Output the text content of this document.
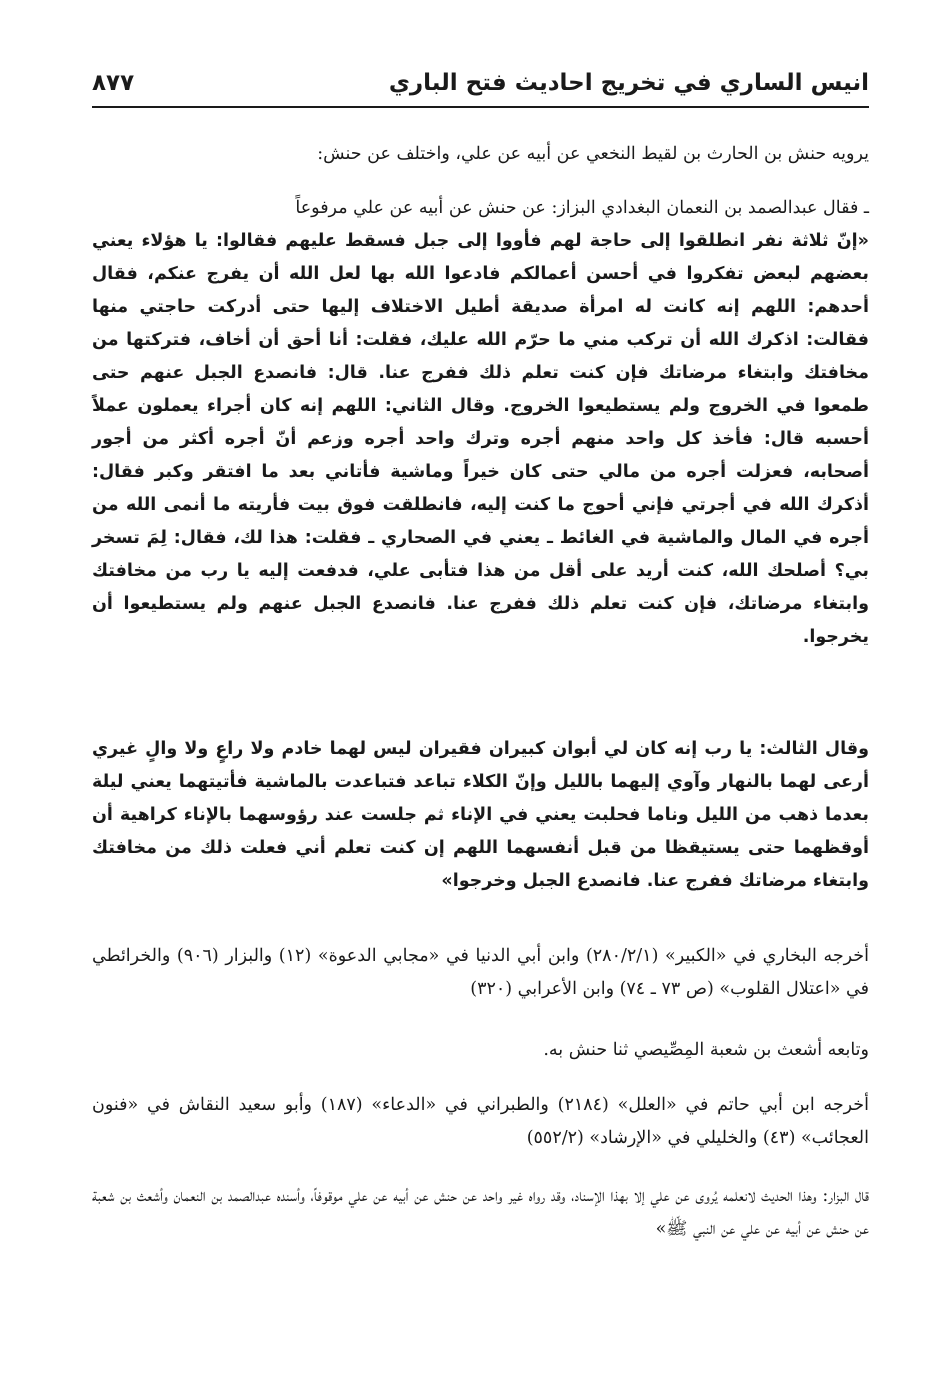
انيس الساري في تخريج احاديث فتح الباري
٨٧٧

يرويه حنش بن الحارث بن لقيط النخعي عن أبيه عن علي، واختلف عن حنش:

ـ فقال عبدالصمد بن النعمان البغدادي البزاز: عن حنش عن أبيه عن علي مرفوعاً

«إنّ ثلاثة نفر انطلقوا إلى حاجة لهم فأووا إلى جبل فسقط عليهم فقالوا: يا هؤلاء يعني بعضهم لبعض تفكروا في أحسن أعمالكم فادعوا الله بها لعل الله أن يفرج عنكم، فقال أحدهم: اللهم إنه كانت له امرأة صديقة أطيل الاختلاف إليها حتى أدركت حاجتي منها فقالت: اذكرك الله أن تركب مني ما حرّم الله عليك، فقلت: أنا أحق أن أخاف، فتركتها من مخافتك وابتغاء مرضاتك فإن كنت تعلم ذلك ففرج عنا. قال: فانصدع الجبل عنهم حتى طمعوا في الخروج ولم يستطيعوا الخروج. وقال الثاني: اللهم إنه كان أجراء يعملون عملاً أحسبه قال: فأخذ كل واحد منهم أجره وترك واحد أجره وزعم أنّ أجره أكثر من أجور أصحابه، فعزلت أجره من مالي حتى كان خيراً وماشية فأتاني بعد ما افتقر وكبر فقال: أذكرك الله في أجرتي فإني أحوج ما كنت إليه، فانطلقت فوق بيت فأريته ما أنمى الله من أجره في المال والماشية في الغائط ـ يعني في الصحاري ـ فقلت: هذا لك، فقال: لِمَ تسخر بي؟ أصلحك الله، كنت أريد على أقل من هذا فتأبى علي، فدفعت إليه يا رب من مخافتك وابتغاء مرضاتك، فإن كنت تعلم ذلك ففرج عنا. فانصدع الجبل عنهم ولم يستطيعوا أن يخرجوا.

وقال الثالث: يا رب إنه كان لي أبوان كبيران فقيران ليس لهما خادم ولا راعٍ ولا والٍ غيري أرعى لهما بالنهار وآوي إليهما بالليل وإنّ الكلاء تباعد فتباعدت بالماشية فأتيتهما يعني ليلة بعدما ذهب من الليل وناما فحلبت يعني في الإناء ثم جلست عند رؤوسهما بالإناء كراهية أن أوقظهما حتى يستيقظا من قبل أنفسهما اللهم إن كنت تعلم أني فعلت ذلك من مخافتك وابتغاء مرضاتك ففرج عنا. فانصدع الجبل وخرجوا»

أخرجه البخاري في «الكبير» (٢٨٠/٢/١) وابن أبي الدنيا في «مجابي الدعوة» (١٢) والبزار (٩٠٦) والخرائطي في «اعتلال القلوب» (ص ٧٣ ـ ٧٤) وابن الأعرابي (٣٢٠)

وتابعه أشعث بن شعبة المِصِّيصي ثنا حنش به.

أخرجه ابن أبي حاتم في «العلل» (٢١٨٤) والطبراني في «الدعاء» (١٨٧) وأبو سعيد النقاش في «فنون العجائب» (٤٣) والخليلي في «الإرشاد» (٥٥٢/٢)

قال البزار: وهذا الحديث لانعلمه يُروى عن علي إلا بهذا الإسناد، وقد رواه غير واحد عن حنش عن أبيه عن علي موقوفاً، وأسنده عبدالصمد بن النعمان وأشعث بن شعبة عن حنش عن أبيه عن علي عن النبي ﷺ»
